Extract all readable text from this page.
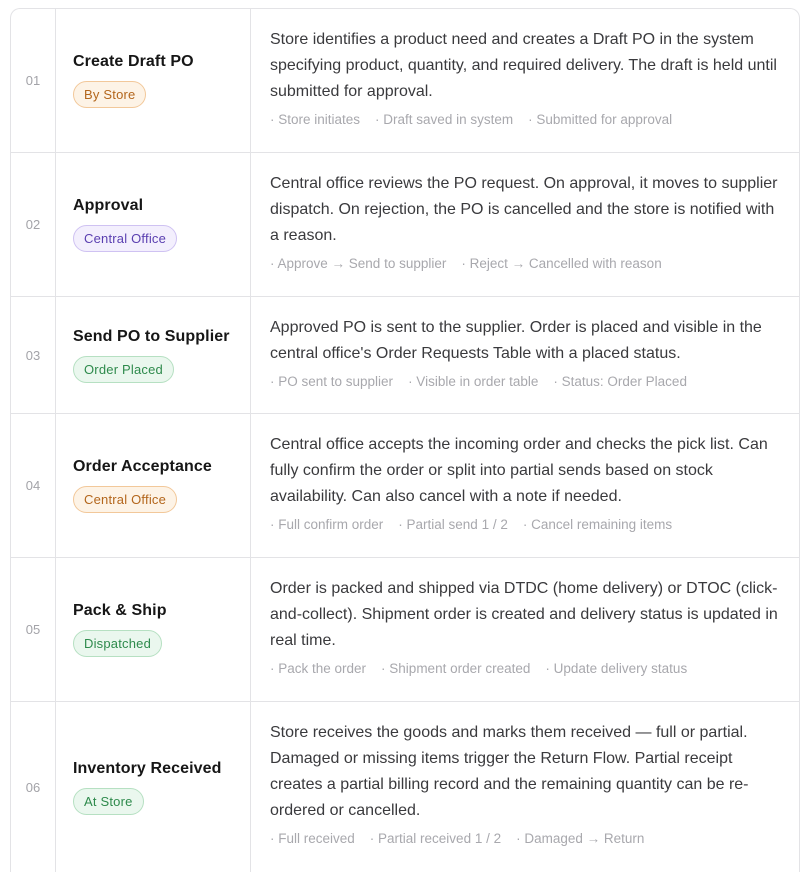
01
Create Draft PO
By Store

Store identifies a product need and creates a Draft PO in the system specifying product, quantity, and required delivery. The draft is held until submitted for approval.

· Store initiates · Draft saved in system · Submitted for approval
02
Approval
Central Office

Central office reviews the PO request. On approval, it moves to supplier dispatch. On rejection, the PO is cancelled and the store is notified with a reason.

· Approve → Send to supplier · Reject → Cancelled with reason
03
Send PO to Supplier
Order Placed

Approved PO is sent to the supplier. Order is placed and visible in the central office's Order Requests Table with a placed status.

· PO sent to supplier · Visible in order table · Status: Order Placed
04
Order Acceptance
Central Office

Central office accepts the incoming order and checks the pick list. Can fully confirm the order or split into partial sends based on stock availability. Can also cancel with a note if needed.

· Full confirm order · Partial send 1 / 2 · Cancel remaining items
05
Pack & Ship
Dispatched

Order is packed and shipped via DTDC (home delivery) or DTOC (click-and-collect). Shipment order is created and delivery status is updated in real time.

· Pack the order · Shipment order created · Update delivery status
06
Inventory Received
At Store

Store receives the goods and marks them received — full or partial. Damaged or missing items trigger the Return Flow. Partial receipt creates a partial billing record and the remaining quantity can be re-ordered or cancelled.

· Full received · Partial received 1 / 2 · Damaged → Return
